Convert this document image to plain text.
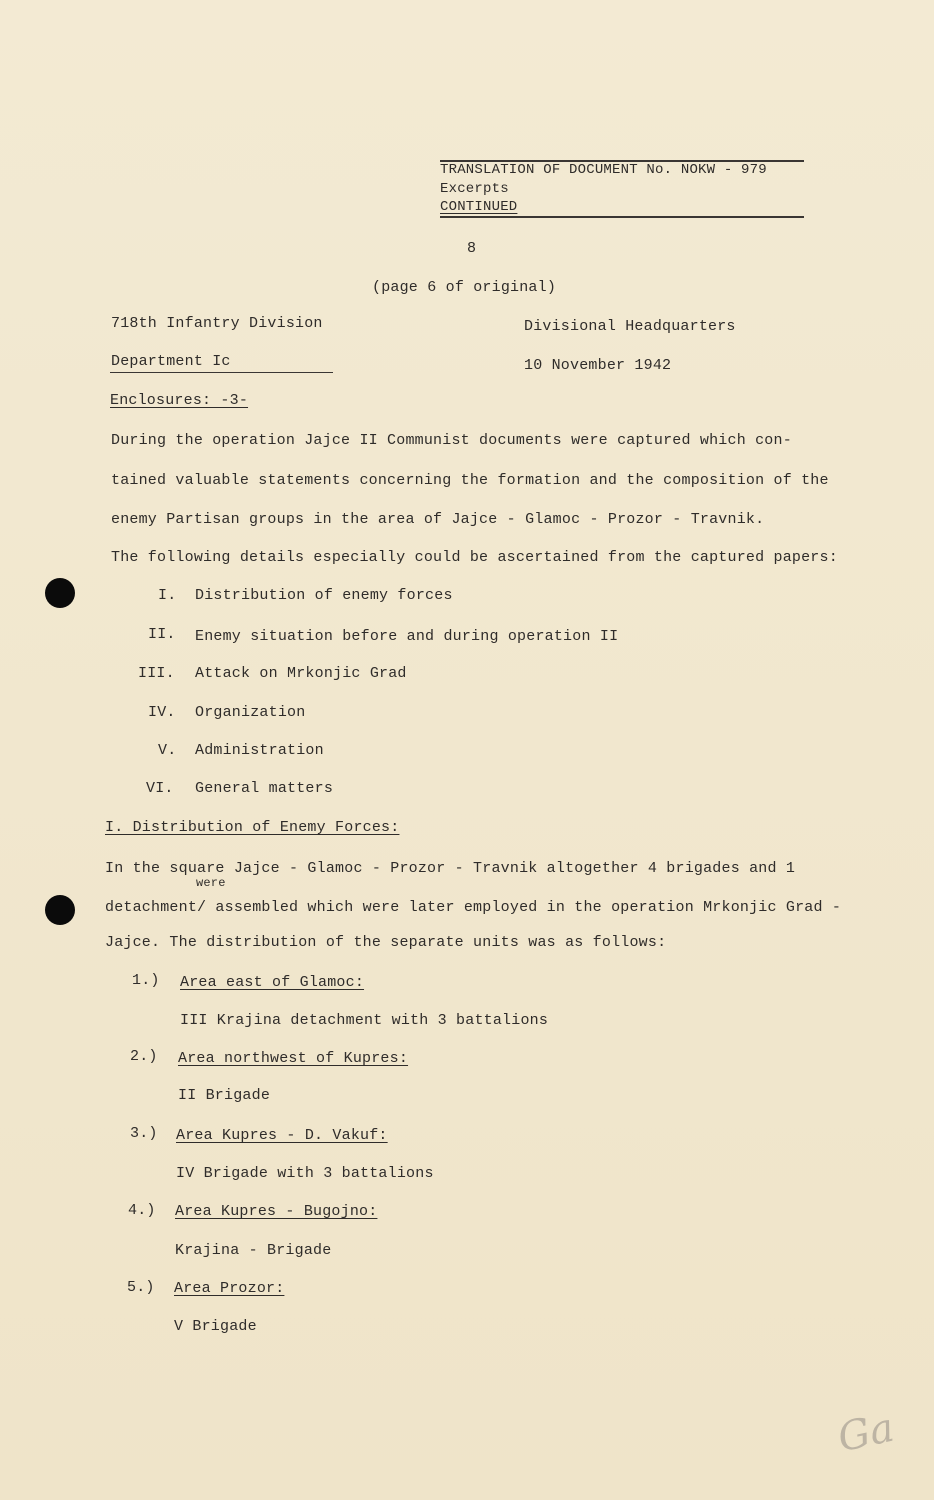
TRANSLATION OF DOCUMENT No. NOKW - 979
Excerpts
CONTINUED
8
(page 6 of original)
718th Infantry Division	Divisional Headquarters
Department Ic	10 November 1942
Enclosures: -3-
During the operation Jajce II Communist documents were captured which con-
tained valuable statements concerning the formation and the composition of the
enemy Partisan groups in the area of Jajce - Glamoc - Prozor - Travnik.
The following details especially could be ascertained from the captured papers:
I. Distribution of enemy forces
II. Enemy situation before and during operation II
III. Attack on Mrkonjic Grad
IV. Organization
V. Administration
VI. General matters
I. Distribution of Enemy Forces:
In the square Jajce - Glamoc - Prozor - Travnik altogether 4 brigades and 1
were
detachment/ assembled which were later employed in the operation Mrkonjic Grad -
Jajce. The distribution of the separate units was as follows:
1.) Area east of Glamoc:
III Krajina detachment with 3 battalions
2.) Area northwest of Kupres:
II Brigade
3.) Area Kupres - D. Vakuf:
IV Brigade with 3 battalions
4.) Area Kupres - Bugojno:
Krajina - Brigade
5.) Area Prozor:
V Brigade
Ga
